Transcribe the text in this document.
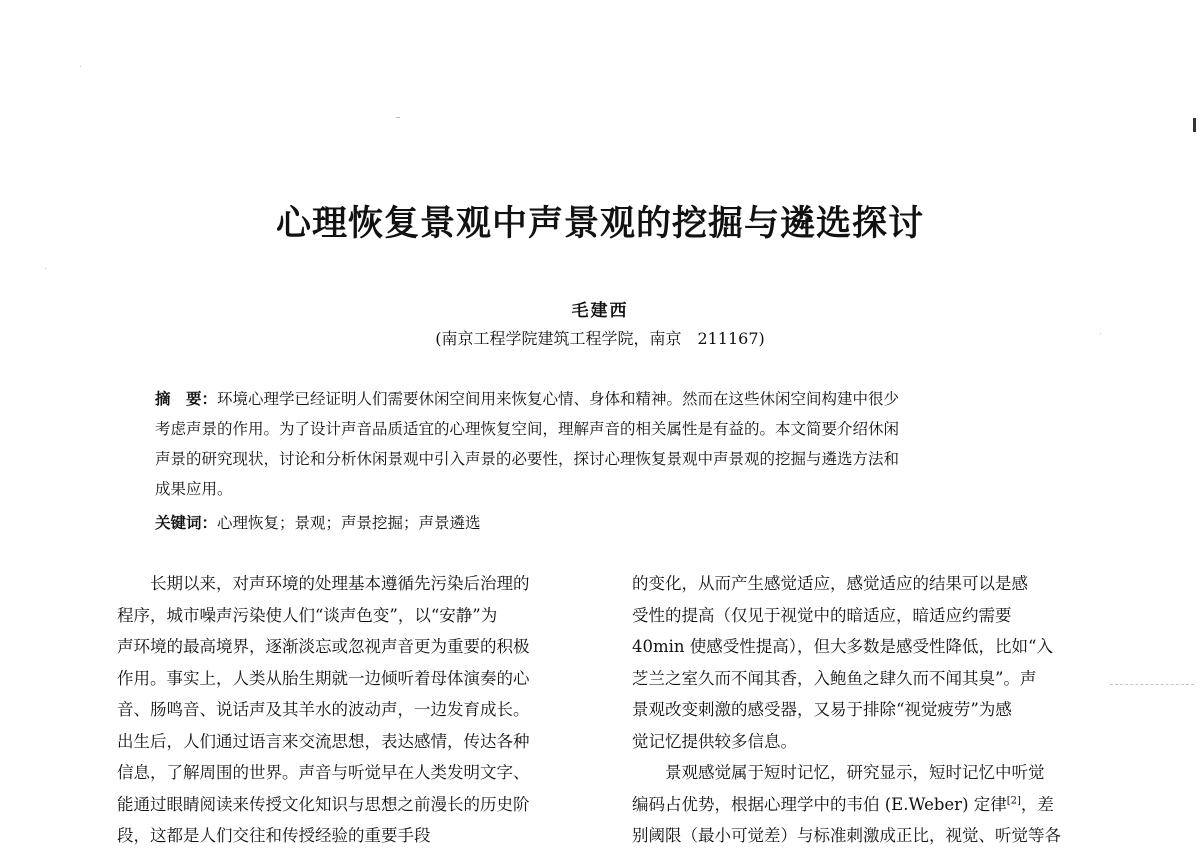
心理恢复景观中声景观的挖掘与遴选探讨
毛建西
(南京工程学院建筑工程学院，南京　211167)
摘　要：环境心理学已经证明人们需要休闲空间用来恢复心情、身体和精神。然而在这些休闲空间构建中很少
考虑声景的作用。为了设计声音品质适宜的心理恢复空间，理解声音的相关属性是有益的。本文简要介绍休闲
声景的研究现状，讨论和分析休闲景观中引入声景的必要性，探讨心理恢复景观中声景观的挖掘与遴选方法和
成果应用。
关键词：心理恢复；景观；声景挖掘；声景遴选
长期以来，对声环境的处理基本遵循先污染后治理的
程序，城市噪声污染使人们“谈声色变”，以“安静”为
声环境的最高境界，逐渐淡忘或忽视声音更为重要的积极
作用。事实上，人类从胎生期就一边倾听着母体演奏的心
音、肠鸣音、说话声及其羊水的波动声，一边发育成长。
出生后，人们通过语言来交流思想，表达感情，传达各种
信息，了解周围的世界。声音与听觉早在人类发明文字、
能通过眼睛阅读来传授文化知识与思想之前漫长的历史阶
段，这都是人们交往和传授经验的重要手段
的变化，从而产生感觉适应，感觉适应的结果可以是感
受性的提高（仅见于视觉中的暗适应，暗适应约需要
40min 使感受性提高），但大多数是感受性降低，比如“入
芝兰之室久而不闻其香，入鲍鱼之肆久而不闻其臭”。声
景观改变刺激的感受器，又易于排除“视觉疲劳”为感
觉记忆提供较多信息。
景观感觉属于短时记忆，研究显示，短时记忆中听觉
编码占优势，根据心理学中的韦伯 (E.Weber) 定律[2]，差
别阈限（最小可觉差）与标准刺激成正比，视觉、听觉等各
